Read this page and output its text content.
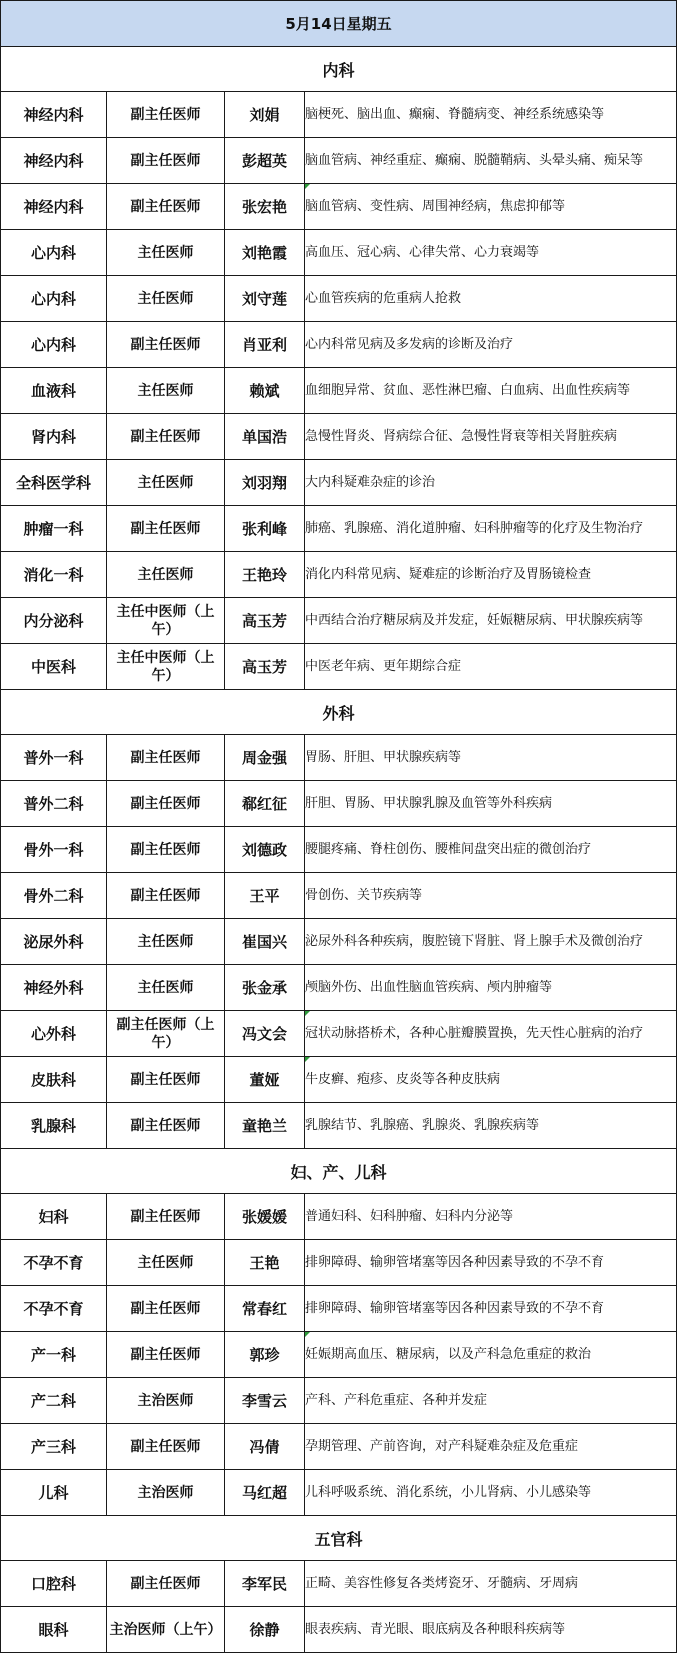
5月14日星期五			
内科			
神经内科	副主任医师	刘娟	脑梗死、脑出血、癫痫、脊髓病变、神经系统感染等
神经内科	副主任医师	彭超英	脑血管病、神经重症、癫痫、脱髓鞘病、头晕头痛、痴呆等
神经内科	副主任医师	张宏艳	脑血管病、变性病、周围神经病，焦虑抑郁等
心内科	主任医师	刘艳霞	高血压、冠心病、心律失常、心力衰竭等
心内科	主任医师	刘守莲	心血管疾病的危重病人抢救
心内科	副主任医师	肖亚利	心内科常见病及多发病的诊断及治疗
血液科	主任医师	赖斌	血细胞异常、贫血、恶性淋巴瘤、白血病、出血性疾病等
肾内科	副主任医师	单国浩	急慢性肾炎、肾病综合征、急慢性肾衰等相关肾脏疾病
全科医学科	主任医师	刘羽翔	大内科疑难杂症的诊治
肿瘤一科	副主任医师	张利峰	肺癌、乳腺癌、消化道肿瘤、妇科肿瘤等的化疗及生物治疗
消化一科	主任医师	王艳玲	消化内科常见病、疑难症的诊断治疗及胃肠镜检查
内分泌科	主任中医师（上午）	高玉芳	中西结合治疗糖尿病及并发症，妊娠糖尿病、甲状腺疾病等
中医科	主任中医师（上午）	高玉芳	中医老年病、更年期综合症
外科			
普外一科	副主任医师	周金强	胃肠、肝胆、甲状腺疾病等
普外二科	副主任医师	郗红征	肝胆、胃肠、甲状腺乳腺及血管等外科疾病
骨外一科	副主任医师	刘德政	腰腿疼痛、脊柱创伤、腰椎间盘突出症的微创治疗
骨外二科	副主任医师	王平	骨创伤、关节疾病等
泌尿外科	主任医师	崔国兴	泌尿外科各种疾病，腹腔镜下肾脏、肾上腺手术及微创治疗
神经外科	主任医师	张金承	颅脑外伤、出血性脑血管疾病、颅内肿瘤等
心外科	副主任医师（上午）	冯文会	冠状动脉搭桥术，各种心脏瓣膜置换，先天性心脏病的治疗
皮肤科	副主任医师	董娅	牛皮癣、疱疹、皮炎等各种皮肤病
乳腺科	副主任医师	童艳兰	乳腺结节、乳腺癌、乳腺炎、乳腺疾病等
妇、产、儿科			
妇科	副主任医师	张媛媛	普通妇科、妇科肿瘤、妇科内分泌等
不孕不育	主任医师	王艳	排卵障碍、输卵管堵塞等因各种因素导致的不孕不育
不孕不育	副主任医师	常春红	排卵障碍、输卵管堵塞等因各种因素导致的不孕不育
产一科	副主任医师	郭珍	妊娠期高血压、糖尿病，以及产科急危重症的救治
产二科	主治医师	李雪云	产科、产科危重症、各种并发症
产三科	副主任医师	冯倩	孕期管理、产前咨询，对产科疑难杂症及危重症
儿科	主治医师	马红超	儿科呼吸系统、消化系统，小儿肾病、小儿感染等
五官科			
口腔科	副主任医师	李军民	正畸、美容性修复各类烤瓷牙、牙髓病、牙周病
眼科	主治医师（上午）	徐静	眼表疾病、青光眼、眼底病及各种眼科疾病等
